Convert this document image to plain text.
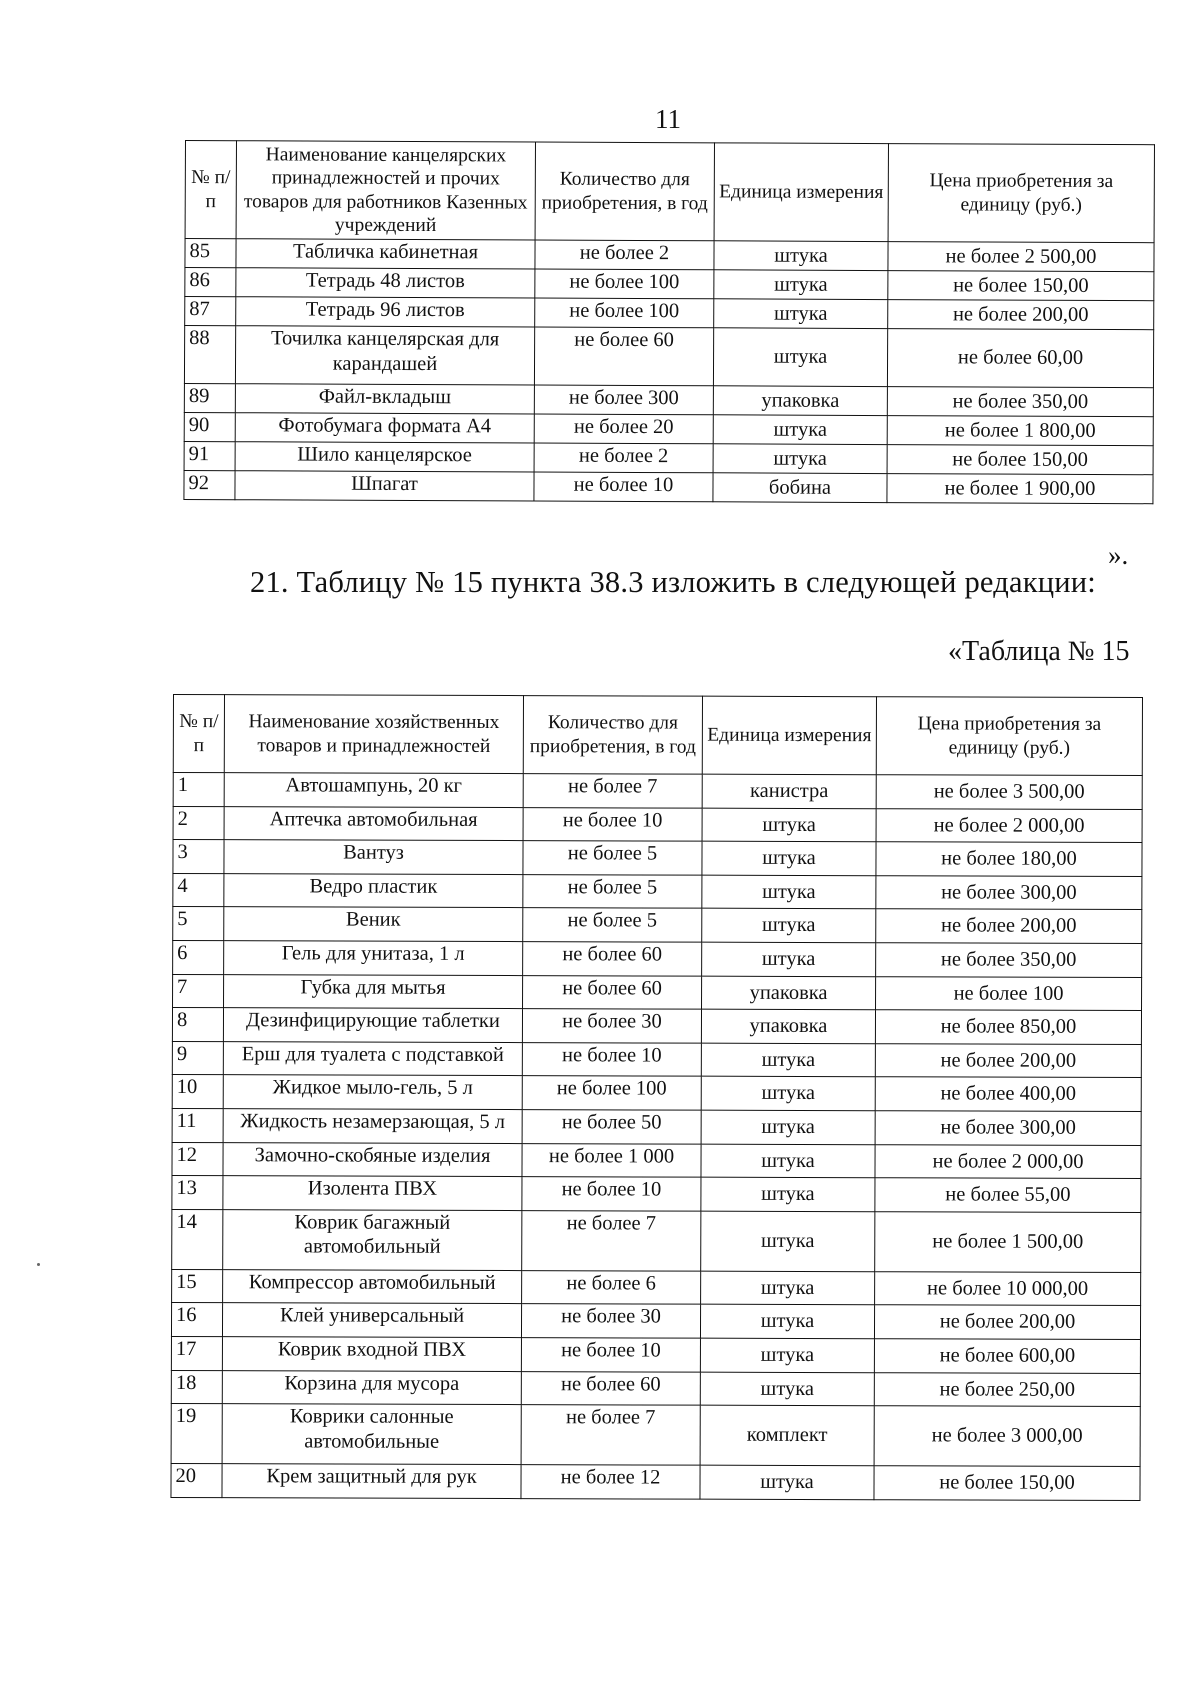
11
№ п/п	Наименование канцелярских принадлежностей и прочих товаров для работников Казенных учреждений	Количество для приобретения, в год	Единица измерения	Цена приобретения за единицу (руб.)
85	Табличка кабинетная	не более 2	штука	не более 2 500,00
86	Тетрадь 48 листов	не более 100	штука	не более 150,00
87	Тетрадь 96 листов	не более 100	штука	не более 200,00
88	Точилка канцелярская для карандашей	не более 60	штука	не более 60,00
89	Файл-вкладыш	не более 300	упаковка	не более 350,00
90	Фотобумага формата А4	не более 20	штука	не более 1 800,00
91	Шило канцелярское	не более 2	штука	не более 150,00
92	Шпагат	не более 10	бобина	не более 1 900,00
».
21. Таблицу № 15 пункта 38.3 изложить в следующей редакции:
«Таблица № 15
№ п/п	Наименование хозяйственных товаров и принадлежностей	Количество для приобретения, в год	Единица измерения	Цена приобретения за единицу (руб.)
1	Автошампунь, 20 кг	не более 7	канистра	не более 3 500,00
2	Аптечка автомобильная	не более 10	штука	не более 2 000,00
3	Вантуз	не более 5	штука	не более 180,00
4	Ведро пластик	не более 5	штука	не более 300,00
5	Веник	не более 5	штука	не более 200,00
6	Гель для унитаза, 1 л	не более 60	штука	не более 350,00
7	Губка для мытья	не более 60	упаковка	не более 100
8	Дезинфицирующие таблетки	не более 30	упаковка	не более 850,00
9	Ерш для туалета с подставкой	не более 10	штука	не более 200,00
10	Жидкое мыло-гель, 5 л	не более 100	штука	не более 400,00
11	Жидкость незамерзающая, 5 л	не более 50	штука	не более 300,00
12	Замочно-скобяные изделия	не более 1 000	штука	не более 2 000,00
13	Изолента ПВХ	не более 10	штука	не более 55,00
14	Коврик багажный автомобильный	не более 7	штука	не более 1 500,00
15	Компрессор автомобильный	не более 6	штука	не более 10 000,00
16	Клей универсальный	не более 30	штука	не более 200,00
17	Коврик входной ПВХ	не более 10	штука	не более 600,00
18	Корзина для мусора	не более 60	штука	не более 250,00
19	Коврики салонные автомобильные	не более 7	комплект	не более 3 000,00
20	Крем защитный для рук	не более 12	штука	не более 150,00
